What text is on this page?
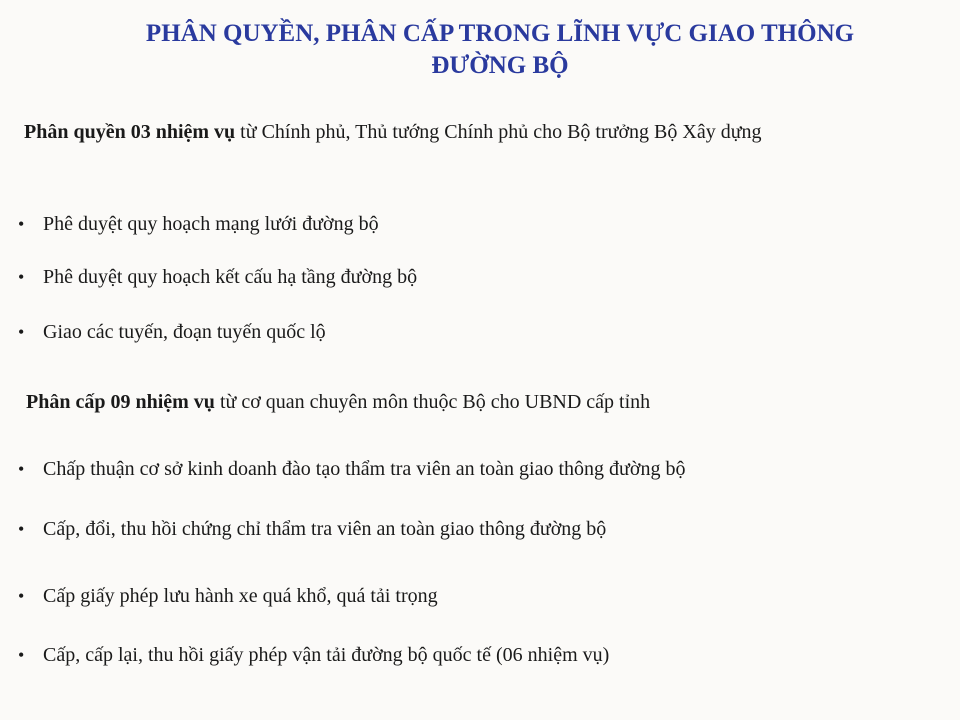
PHÂN QUYỀN, PHÂN CẤP TRONG LĨNH VỰC GIAO THÔNG ĐƯỜNG BỘ

Phân quyền 03 nhiệm vụ từ Chính phủ, Thủ tướng Chính phủ cho Bộ trưởng Bộ Xây dựng

• Phê duyệt quy hoạch mạng lưới đường bộ
• Phê duyệt quy hoạch kết cấu hạ tầng đường bộ
• Giao các tuyến, đoạn tuyến quốc lộ

Phân cấp 09 nhiệm vụ từ cơ quan chuyên môn thuộc Bộ cho UBND cấp tỉnh

• Chấp thuận cơ sở kinh doanh đào tạo thẩm tra viên an toàn giao thông đường bộ
• Cấp, đổi, thu hồi chứng chỉ thẩm tra viên an toàn giao thông đường bộ
• Cấp giấy phép lưu hành xe quá khổ, quá tải trọng
• Cấp, cấp lại, thu hồi giấy phép vận tải đường bộ quốc tế (06 nhiệm vụ)
